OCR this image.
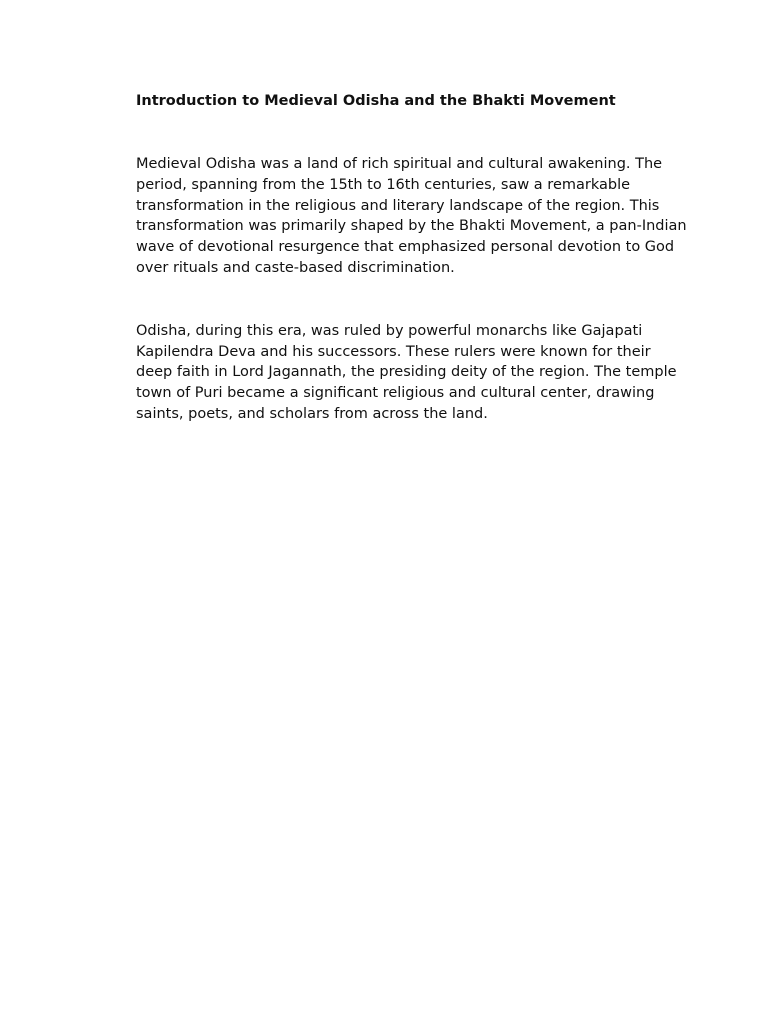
Introduction to Medieval Odisha and the Bhakti Movement

Medieval Odisha was a land of rich spiritual and cultural awakening. The period, spanning from the 15th to 16th centuries, saw a remarkable transformation in the religious and literary landscape of the region. This transformation was primarily shaped by the Bhakti Movement, a pan-Indian wave of devotional resurgence that emphasized personal devotion to God over rituals and caste-based discrimination.

Odisha, during this era, was ruled by powerful monarchs like Gajapati Kapilendra Deva and his successors. These rulers were known for their deep faith in Lord Jagannath, the presiding deity of the region. The temple town of Puri became a significant religious and cultural center, drawing saints, poets, and scholars from across the land.
